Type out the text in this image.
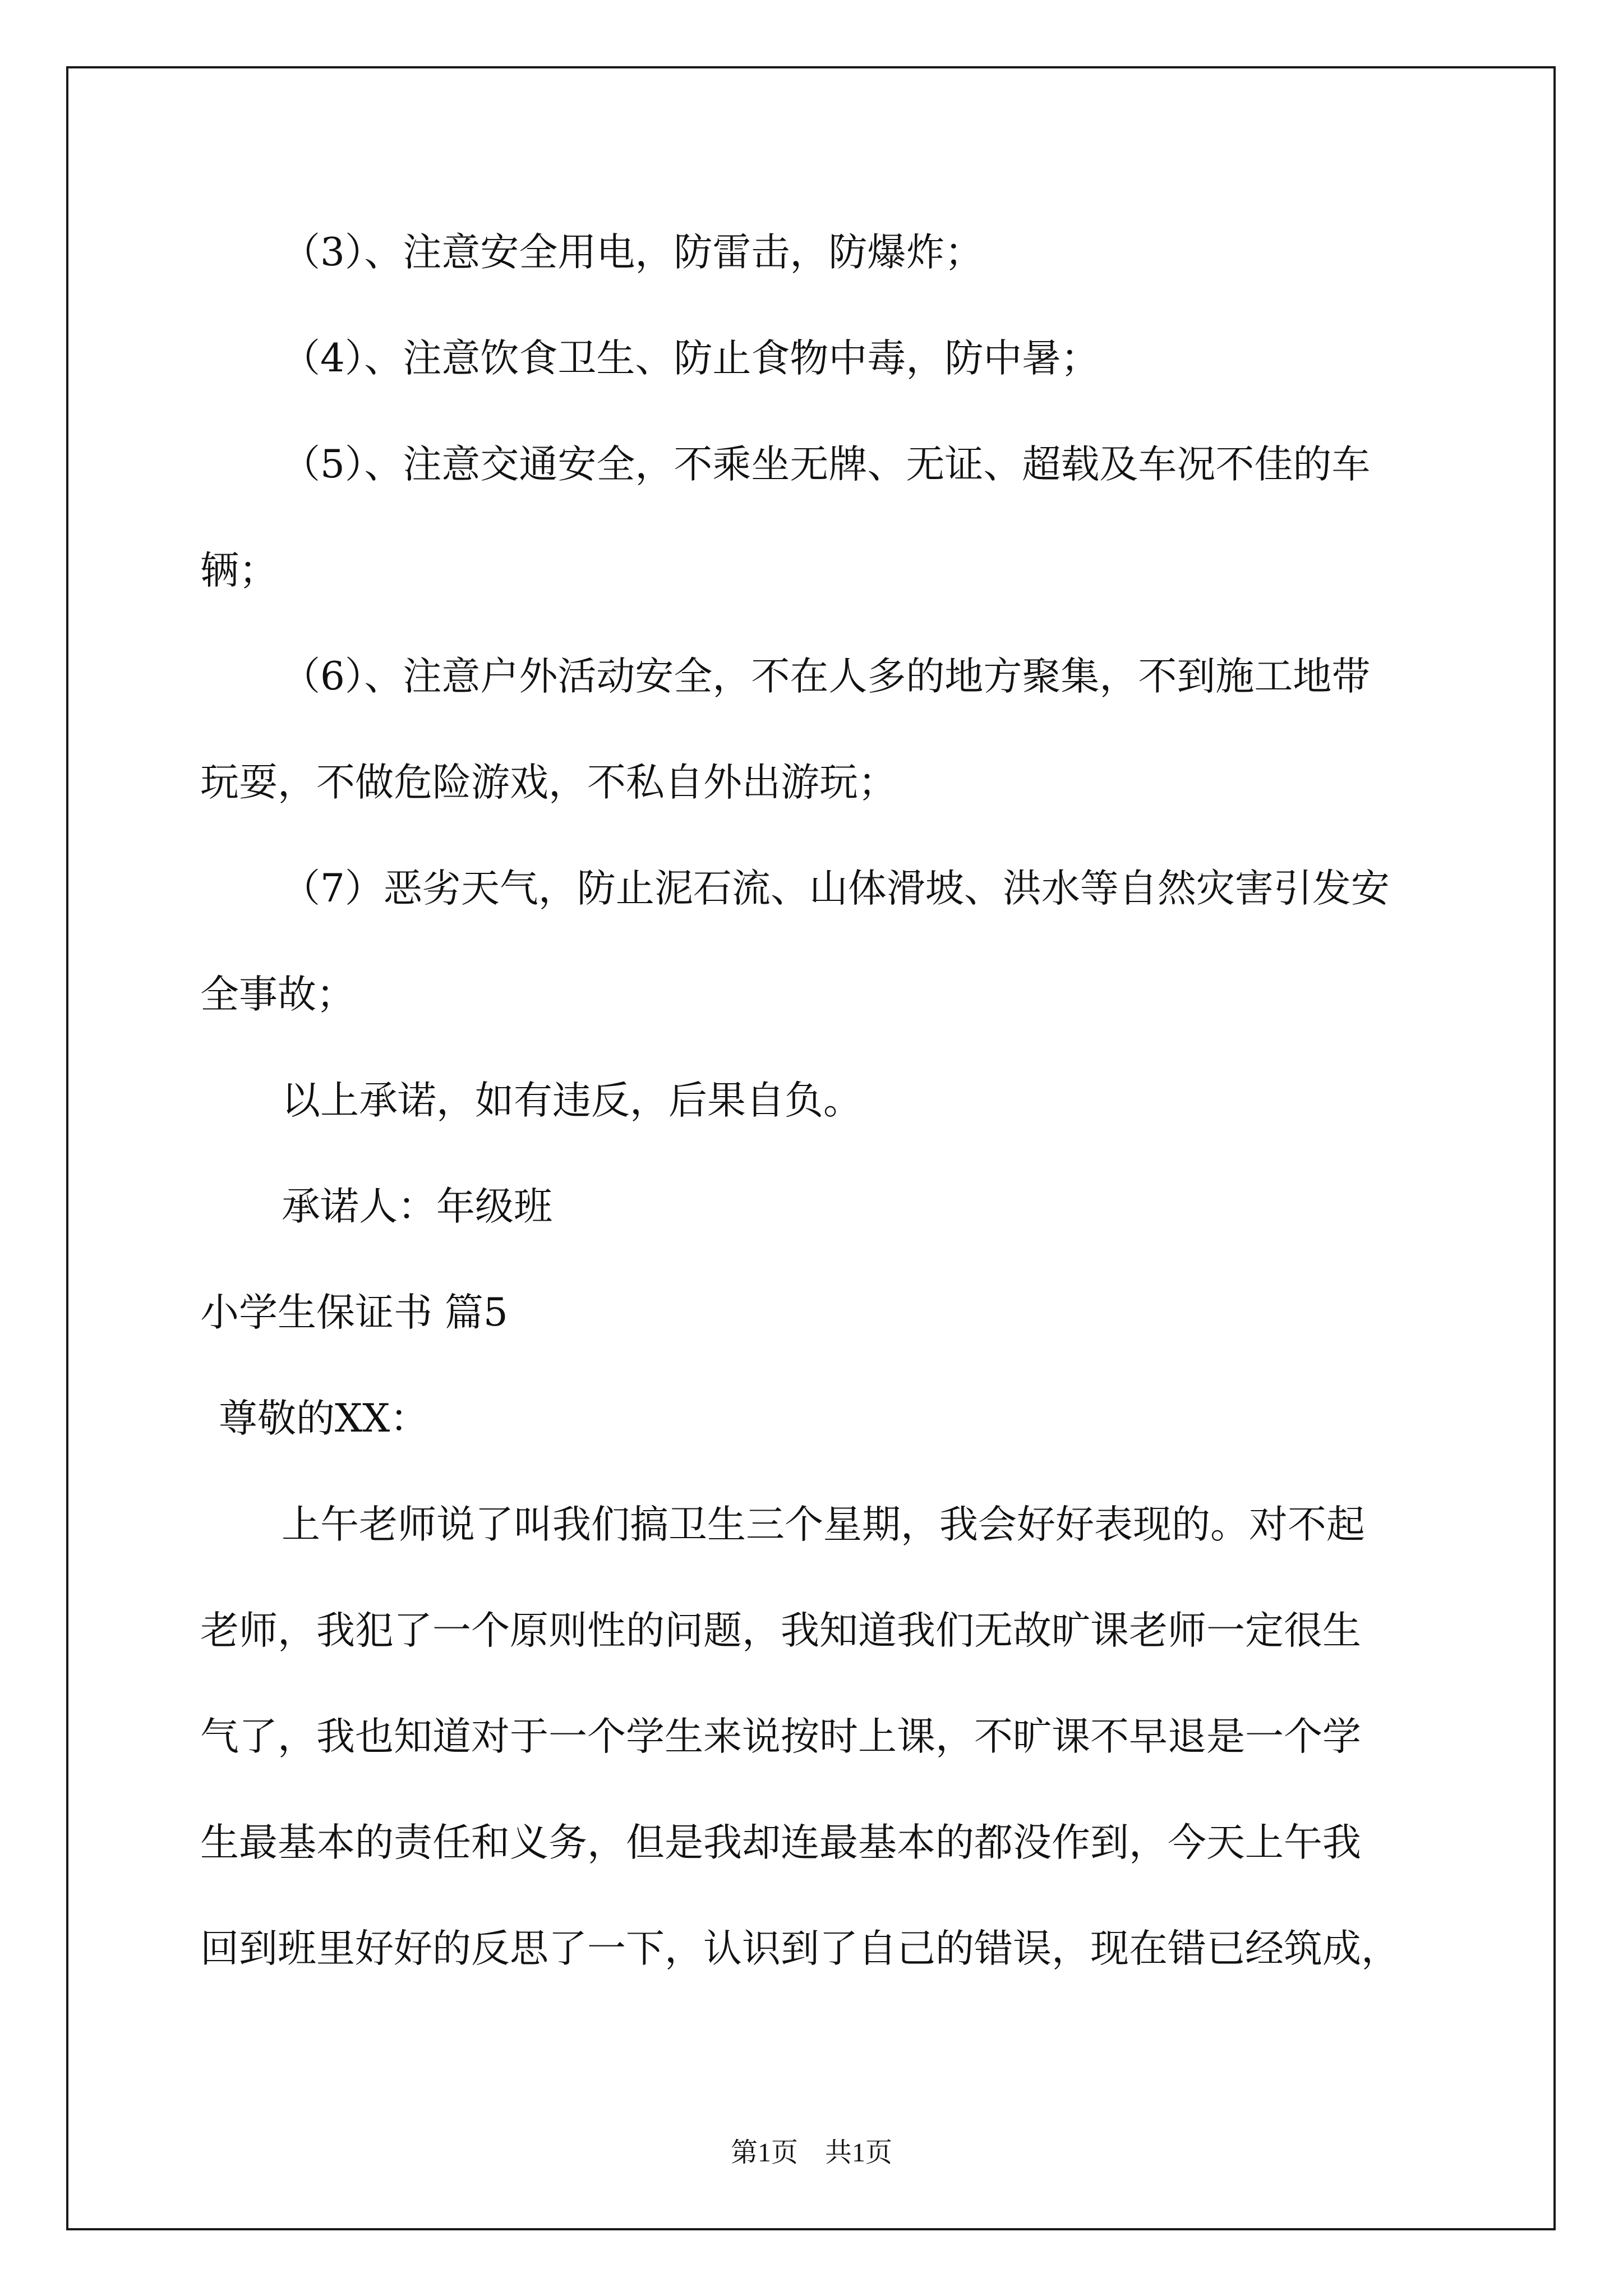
（3）、注意安全用电，防雷击，防爆炸；

（4）、注意饮食卫生、防止食物中毒，防中暑；

（5）、注意交通安全，不乘坐无牌、无证、超载及车况不佳的车

辆；

（6）、注意户外活动安全，不在人多的地方聚集，不到施工地带

玩耍，不做危险游戏，不私自外出游玩；

（7）恶劣天气，防止泥石流、山体滑坡、洪水等自然灾害引发安

全事故；

以上承诺，如有违反，后果自负。

承诺人：年级班

小学生保证书 篇5

尊敬的XX：

上午老师说了叫我们搞卫生三个星期，我会好好表现的。对不起

老师，我犯了一个原则性的问题，我知道我们无故旷课老师一定很生

气了，我也知道对于一个学生来说按时上课，不旷课不早退是一个学

生最基本的责任和义务，但是我却连最基本的都没作到，今天上午我

回到班里好好的反思了一下，认识到了自己的错误，现在错已经筑成，

第1页　共1页
